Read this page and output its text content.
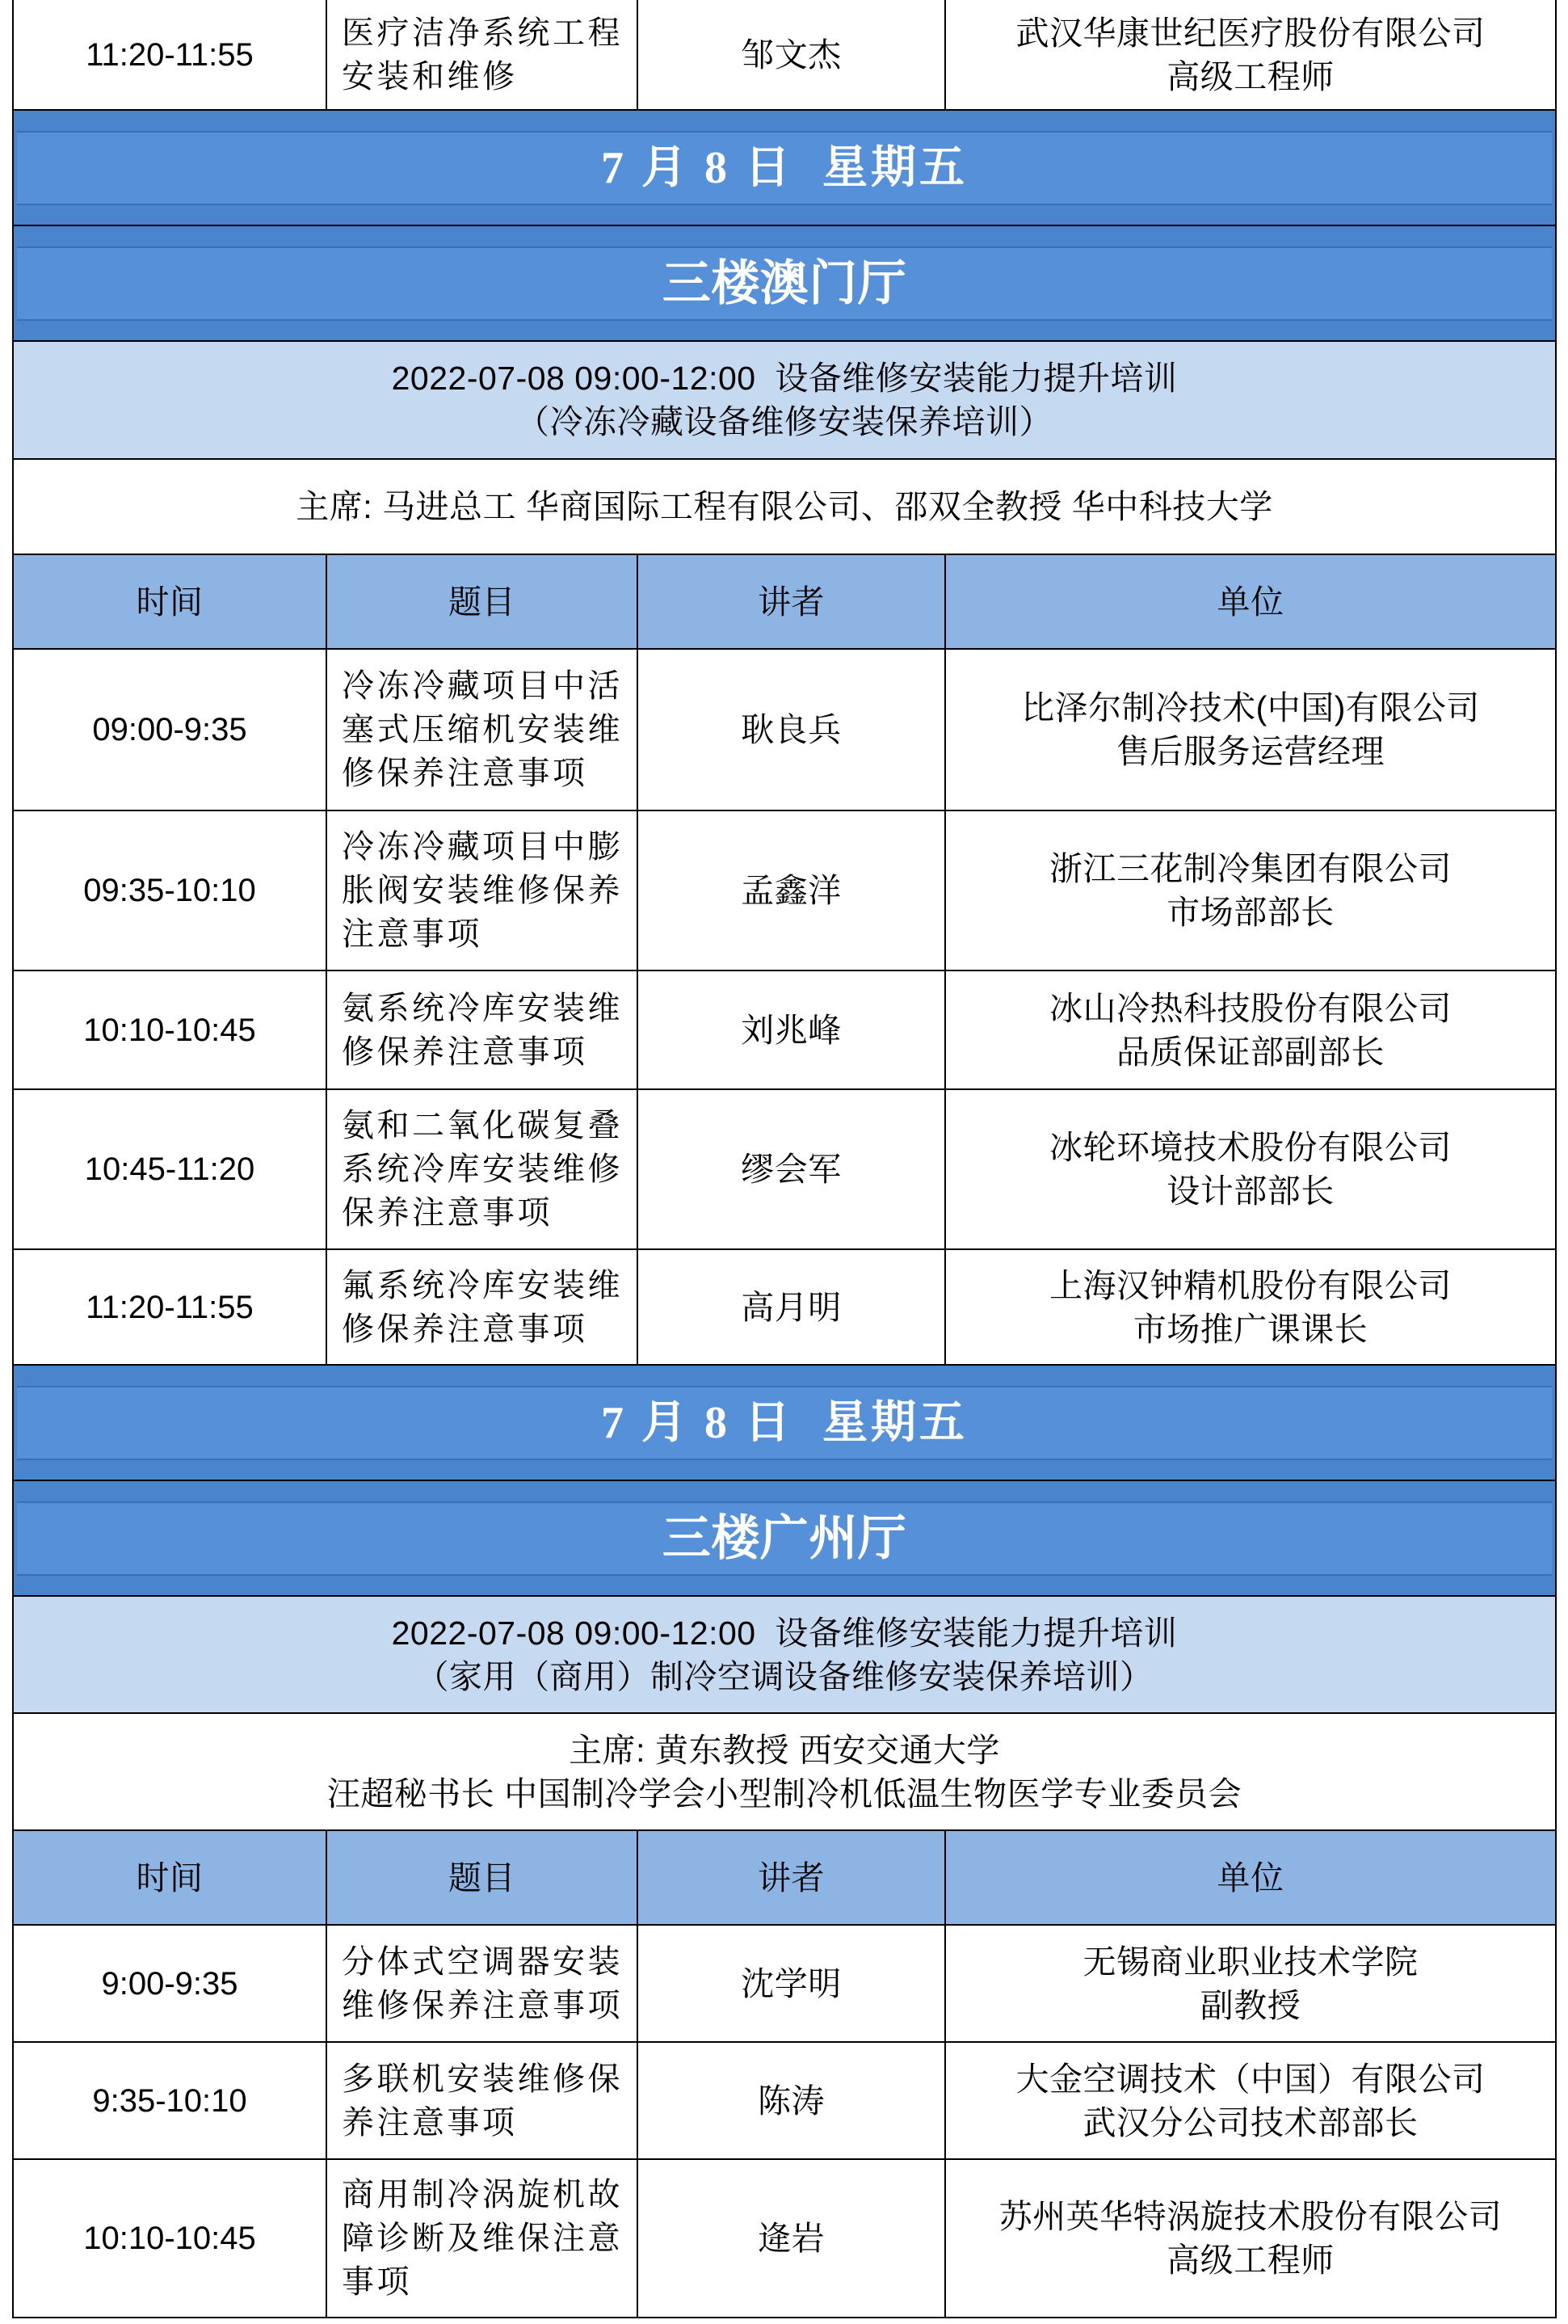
11:20-11:55	医疗洁净系统工程
安装和维修	邹文杰	武汉华康世纪医疗股份有限公司
高级工程师

7 月 8 日  星期五			

三楼澳门厅			

2022-07-08 09:00-12:00  设备维修安装能力提升培训
（冷冻冷藏设备维修安装保养培训）			

主席: 马进总工 华商国际工程有限公司、邵双全教授 华中科技大学			

时间	题目	讲者	单位
09:00-9:35	冷冻冷藏项目中活
塞式压缩机安装维
修保养注意事项	耿良兵	比泽尔制冷技术(中国)有限公司
售后服务运营经理

09:35-10:10	冷冻冷藏项目中膨
胀阀安装维修保养
注意事项	孟鑫洋	浙江三花制冷集团有限公司
市场部部长

10:10-10:45	氨系统冷库安装维
修保养注意事项	刘兆峰	冰山冷热科技股份有限公司
品质保证部副部长

10:45-11:20	氨和二氧化碳复叠
系统冷库安装维修
保养注意事项	缪会军	冰轮环境技术股份有限公司
设计部部长

11:20-11:55	氟系统冷库安装维
修保养注意事项	高月明	上海汉钟精机股份有限公司
市场推广课课长

7 月 8 日  星期五			

三楼广州厅			

2022-07-08 09:00-12:00  设备维修安装能力提升培训
（家用（商用）制冷空调设备维修安装保养培训）			

主席: 黄东教授 西安交通大学
汪超秘书长 中国制冷学会小型制冷机低温生物医学专业委员会			

时间	题目	讲者	单位
9:00-9:35	分体式空调器安装
维修保养注意事项	沈学明	无锡商业职业技术学院
副教授

9:35-10:10	多联机安装维修保
养注意事项	陈涛	大金空调技术（中国）有限公司
武汉分公司技术部部长

10:10-10:45	商用制冷涡旋机故
障诊断及维保注意
事项	逄岩	苏州英华特涡旋技术股份有限公司
高级工程师
